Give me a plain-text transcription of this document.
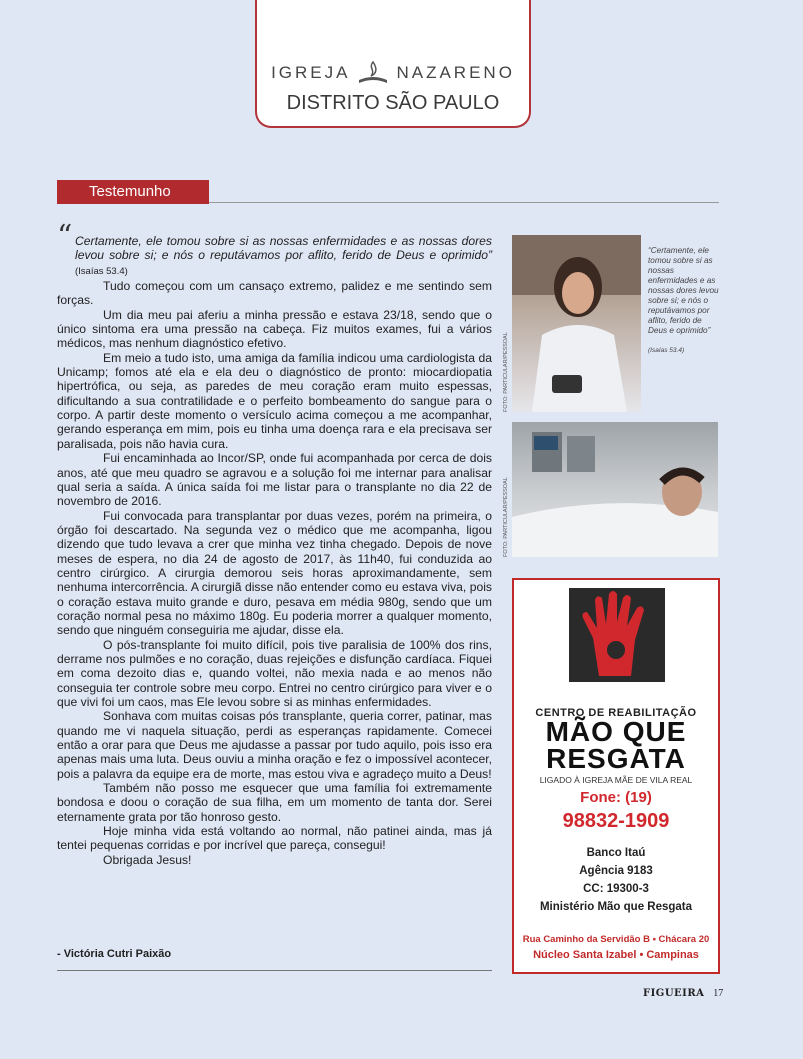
IGREJA	NAZARENO
DISTRITO SÃO PAULO
Testemunho

“ Certamente, ele tomou sobre si as nossas enfermidades e as nossas dores levou sobre si; e nós o reputávamos por aflito, ferido de Deus e oprimido” (Isaías 53.4)

Tudo começou com um cansaço extremo, palidez e me sentindo sem forças.

Um dia meu pai aferiu a minha pressão e estava 23/18, sendo que o único sintoma era uma pressão na cabeça. Fiz muitos exames, fui a vários médicos, mas nenhum diagnóstico efetivo.

Em meio a tudo isto, uma amiga da família indicou uma cardiologista da Unicamp; fomos até ela e ela deu o diagnóstico de pronto: miocardiopatia hipertrófica, ou seja, as paredes de meu coração eram muito espessas, dificultando a sua contratilidade e o perfeito bombeamento do sangue para o corpo. A partir deste momento o versículo acima começou a me acompanhar, gerando esperança em mim, pois eu tinha uma doença rara e ela precisava ser paralisada, pois não havia cura.

Fui encaminhada ao Incor/SP, onde fui acompanhada por cerca de dois anos, até que meu quadro se agravou e a solução foi me internar para analisar qual seria a saída. A única saída foi me listar para o transplante no dia 22 de novembro de 2016.

Fui convocada para transplantar por duas vezes, porém na primeira, o órgão foi descartado. Na segunda vez o médico que me acompanha, ligou dizendo que tudo levava a crer que minha vez tinha chegado. Depois de nove meses de espera, no dia 24 de agosto de 2017, às 11h40, fui conduzida ao centro cirúrgico. A cirurgia demorou seis horas aproximandamente, sem nenhuma intercorrência. A cirurgiã disse não entender como eu estava viva, pois o coração estava muito grande e duro, pesava em média 980g, sendo que um coração normal pesa no máximo 180g. Eu poderia morrer a qualquer momento, sendo que ninguém conseguiria me ajudar, disse ela.

O pós-transplante foi muito difícil, pois tive paralisia de 100% dos rins, derrame nos pulmões e no coração, duas rejeições e disfunção cardíaca. Fiquei em coma dezoito dias e, quando voltei, não mexia nada e ao menos não conseguia ter controle sobre meu corpo. Entrei no centro cirúrgico para viver e o que vivi foi um caos, mas Ele levou sobre si as minhas enfermidades.

Sonhava com muitas coisas pós transplante, queria correr, patinar, mas quando me vi naquela situação, perdi as esperanças rapidamente. Comecei então a orar para que Deus me ajudasse a passar por tudo aquilo, pois isso era apenas mais uma luta. Deus ouviu a minha oração e fez o impossível acontecer, pois a palavra da equipe era de morte, mas estou viva e agradeço muito a Deus!

Também não posso me esquecer que uma família foi extremamente bondosa e doou o coração de sua filha, em um momento de tanta dor. Serei eternamente grata por tão honroso gesto.

Hoje minha vida está voltando ao normal, não patinei ainda, mas já tentei pequenas corridas e por incrível que pareça, consegui!

Obrigada Jesus!

- Victória Cutri Paixão
FOTO: PARTICULAR/PESSOAL
FOTO: PARTICULAR/PESSOAL
“Certamente, ele tomou sobre si as nossas enfermidades e as nossas dores levou sobre si; e nós o reputávamos por aflito, ferido de Deus e oprimido”
(Isaías 53.4)
CENTRO DE REABILITAÇÃO
MÃO QUE
RESGATA
LIGADO À IGREJA MÃE DE VILA REAL
Fone: (19)
98832-1909
Banco Itaú
Agência 9183
CC: 19300-3
Ministério Mão que Resgata
Rua Caminho da Servidão B • Chácara 20
Núcleo Santa Izabel • Campinas
FIGUEIRA 17
